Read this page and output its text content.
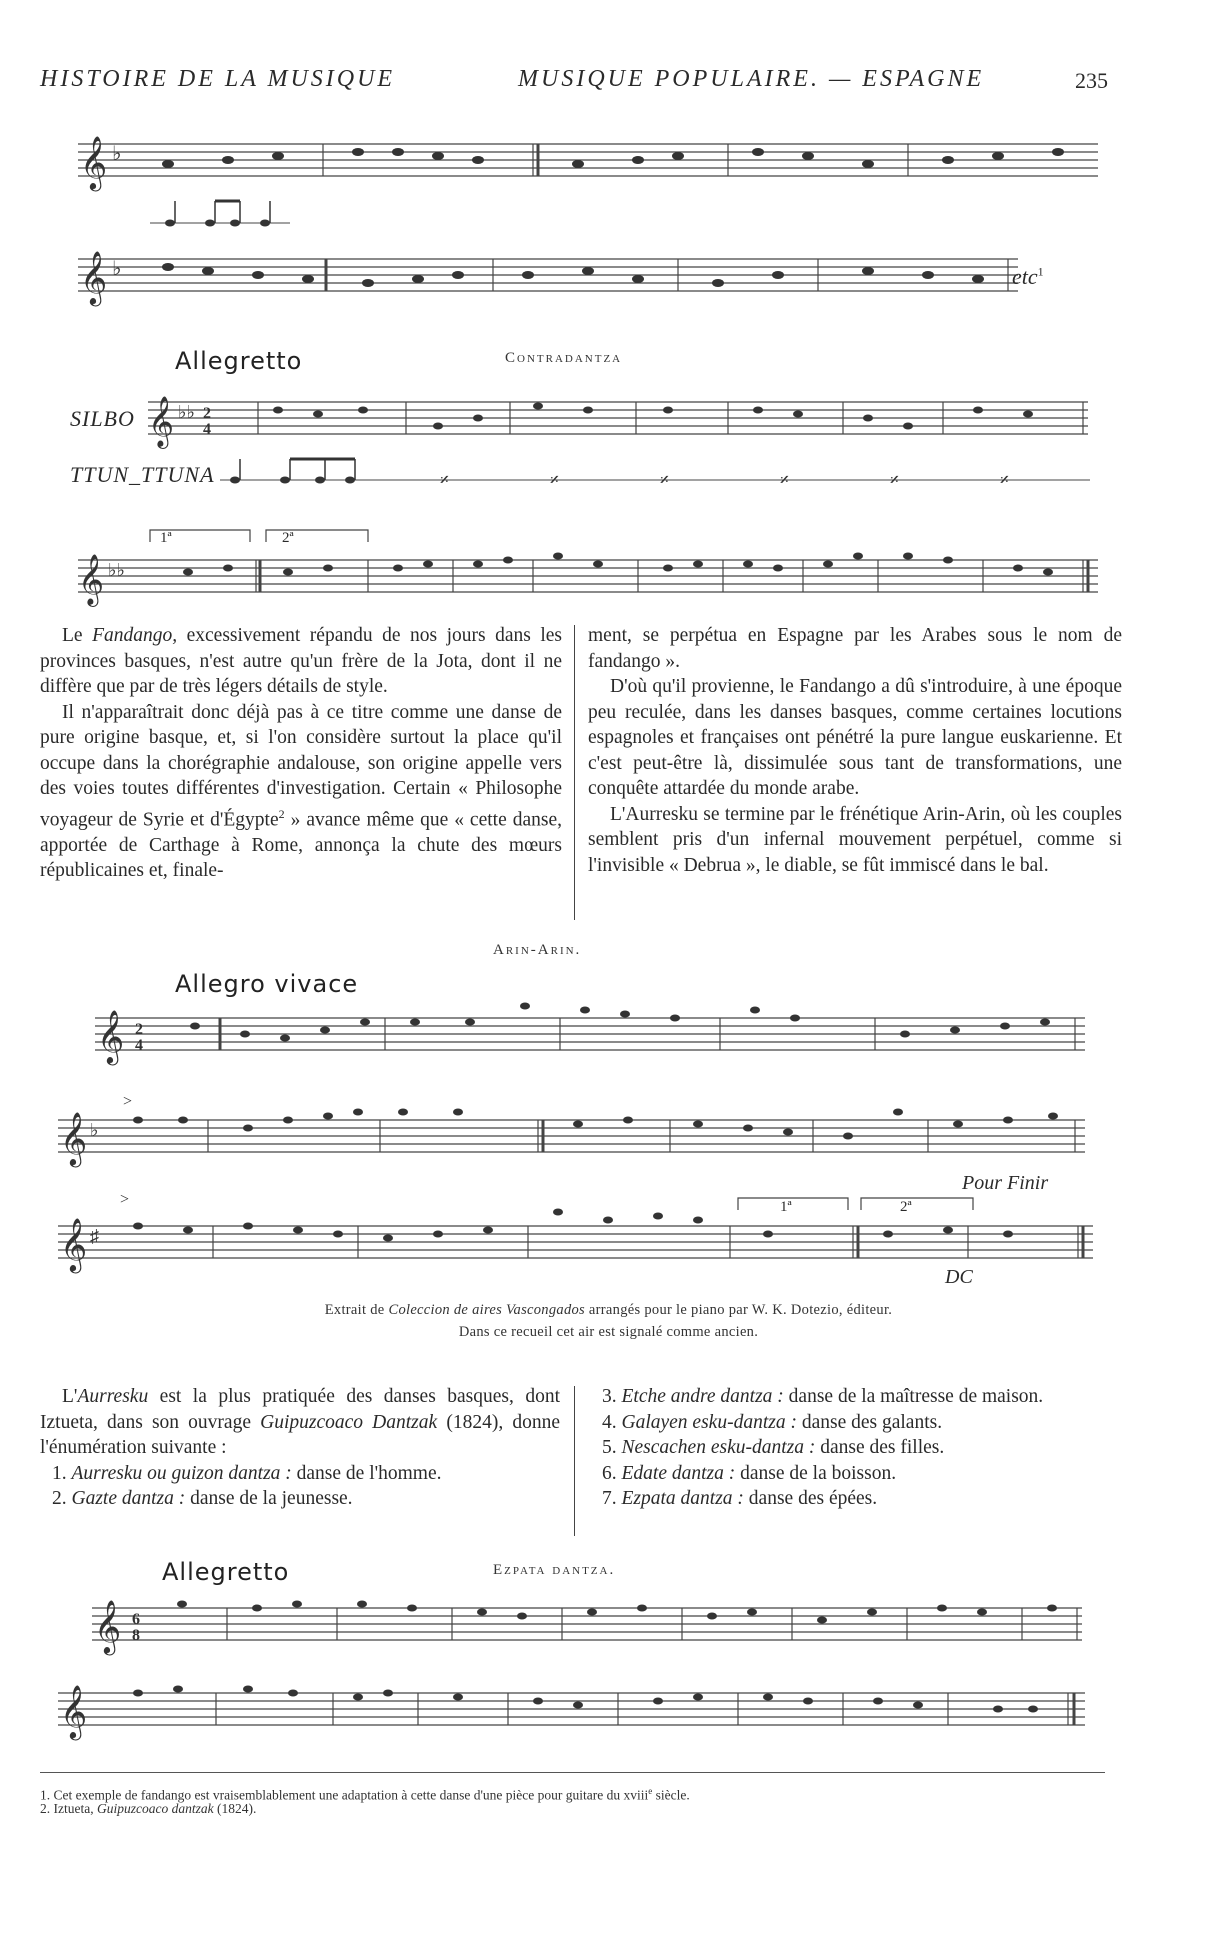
HISTOIRE DE LA MUSIQUE	MUSIQUE POPULAIRE. — ESPAGNE	235
𝄞 ♭
𝄞 ♭	etc$^1$
Allegretto	Contradantza
SILBO
TTUN_TTUNA
𝄞 ♭♭ 2
4
𝄎	𝄎	𝄎	𝄎	𝄎	𝄎
𝄞 ♭♭
1ª	2ª

Le Fandango, excessivement répandu de nos jours dans les provinces basques, n'est autre qu'un frère de la Jota, dont il ne diffère que par de très légers détails de style.

Il n'apparaîtrait donc déjà pas à ce titre comme une danse de pure origine basque, et, si l'on considère surtout la place qu'il occupe dans la chorégraphie andalouse, son origine appelle vers des voies toutes différentes d'investigation. Certain « Philosophe voyageur de Syrie et d'Égypte$^2$ » avance même que « cette danse, apportée de Carthage à Rome, annonça la chute des mœurs républicaines et, finale-

ment, se perpétua en Espagne par les Arabes sous le nom de fandango ».

D'où qu'il provienne, le Fandango a dû s'introduire, à une époque peu reculée, dans les danses basques, comme certaines locutions espagnoles et françaises ont pénétré la pure langue euskarienne. Et c'est peut-être là, dissimulée sous tant de transformations, une conquête attardée du monde arabe.

L'Aurresku se termine par le frénétique Arin-Arin, où les couples semblent pris d'un infernal mouvement perpétuel, comme si l'invisible « Debrua », le diable, se fût immiscé dans le bal.

Arin-Arin.
Allegro vivace
𝄞 2
4
𝄞 ♭
>
Pour Finir
𝄞 ♯
>	1ª	2ª
DC
Extrait de Coleccion de aires Vascongados arrangés pour le piano par W. K. Dotezio, éditeur.
Dans ce recueil cet air est signalé comme ancien.
L'Aurresku est la plus pratiquée des danses basques, dont Iztueta, dans son ouvrage Guipuzcoaco Dantzak (1824), donne l'énumération suivante :
1. Aurresku ou guizon dantza : danse de l'homme.
2. Gazte dantza : danse de la jeunesse.
3. Etche andre dantza : danse de la maîtresse de maison.
4. Galayen esku-dantza : danse des galants.
5. Nescachen esku-dantza : danse des filles.
6. Edate dantza : danse de la boisson.
7. Ezpata dantza : danse des épées.
Allegretto	Ezpata dantza.
𝄞 6
8
𝄞
1. Cet exemple de fandango est vraisemblablement une adaptation à cette danse d'une pièce pour guitare du xviii$^e$ siècle.
2. Iztueta, Guipuzcoaco dantzak (1824).
